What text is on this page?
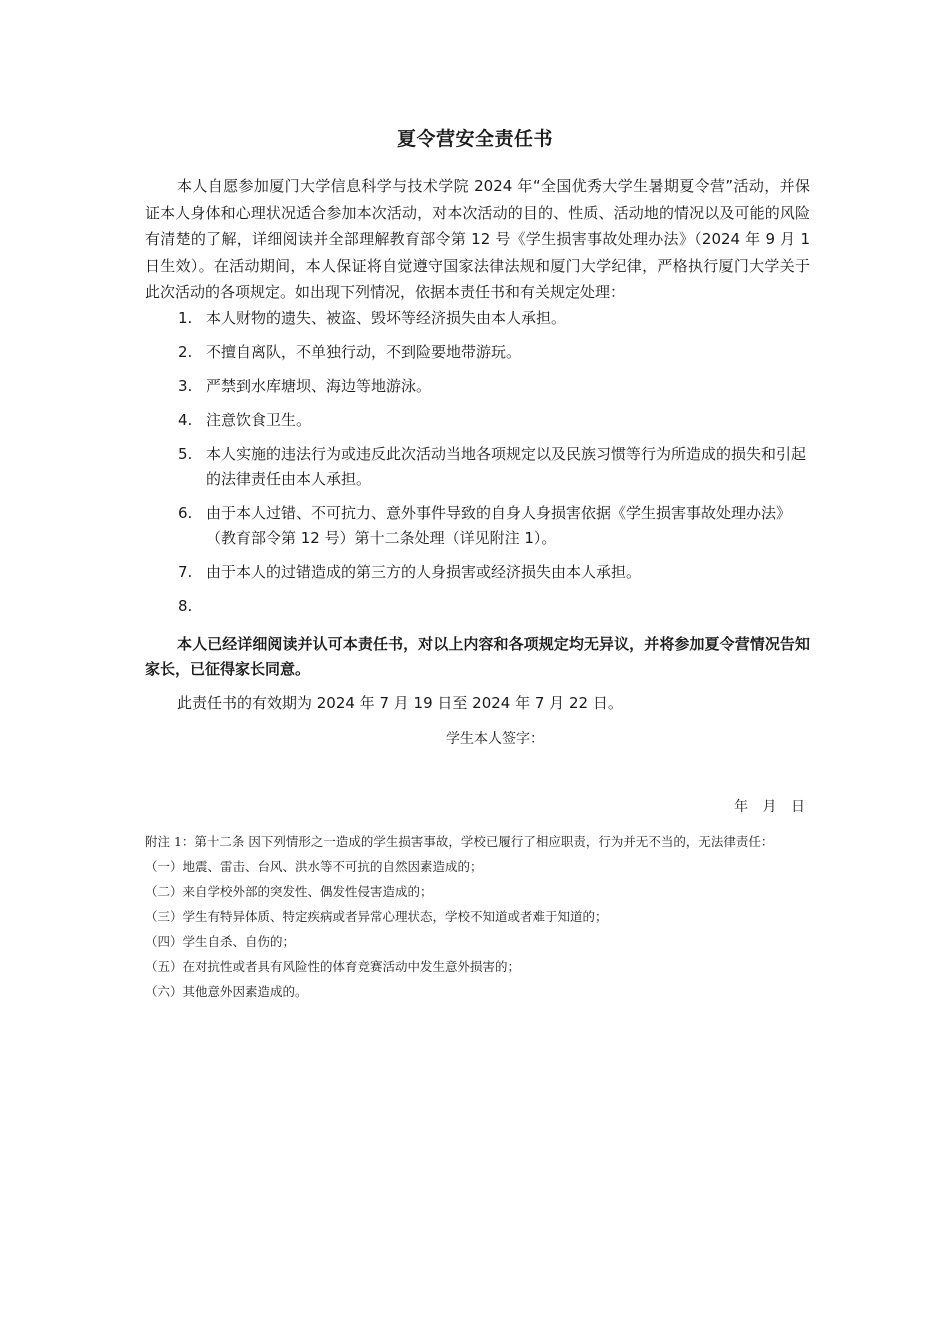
夏令营安全责任书
本人自愿参加厦门大学信息科学与技术学院 2024 年“全国优秀大学生暑期夏令营”活动，并保证本人身体和心理状况适合参加本次活动，对本次活动的目的、性质、活动地的情况以及可能的风险有清楚的了解，详细阅读并全部理解教育部令第 12 号《学生损害事故处理办法》（2024 年 9 月 1 日生效）。在活动期间，本人保证将自觉遵守国家法律法规和厦门大学纪律，严格执行厦门大学关于此次活动的各项规定。如出现下列情况，依据本责任书和有关规定处理：
1. 本人财物的遗失、被盗、毁坏等经济损失由本人承担。
2. 不擅自离队，不单独行动，不到险要地带游玩。
3. 严禁到水库塘坝、海边等地游泳。
4. 注意饮食卫生。
5. 本人实施的违法行为或违反此次活动当地各项规定以及民族习惯等行为所造成的损失和引起的法律责任由本人承担。
6. 由于本人过错、不可抗力、意外事件导致的自身人身损害依据《学生损害事故处理办法》（教育部令第 12 号）第十二条处理（详见附注 1）。
7. 由于本人的过错造成的第三方的人身损害或经济损失由本人承担。
8.
本人已经详细阅读并认可本责任书，对以上内容和各项规定均无异议，并将参加夏令营情况告知家长，已征得家长同意。
此责任书的有效期为 2024 年 7 月 19 日至 2024 年 7 月 22 日。
学生本人签字：
年 月 日
附注 1：第十二条 因下列情形之一造成的学生损害事故，学校已履行了相应职责，行为并无不当的，无法律责任：
（一）地震、雷击、台风、洪水等不可抗的自然因素造成的；
（二）来自学校外部的突发性、偶发性侵害造成的；
（三）学生有特异体质、特定疾病或者异常心理状态，学校不知道或者难于知道的；
（四）学生自杀、自伤的；
（五）在对抗性或者具有风险性的体育竞赛活动中发生意外损害的；
（六）其他意外因素造成的。
